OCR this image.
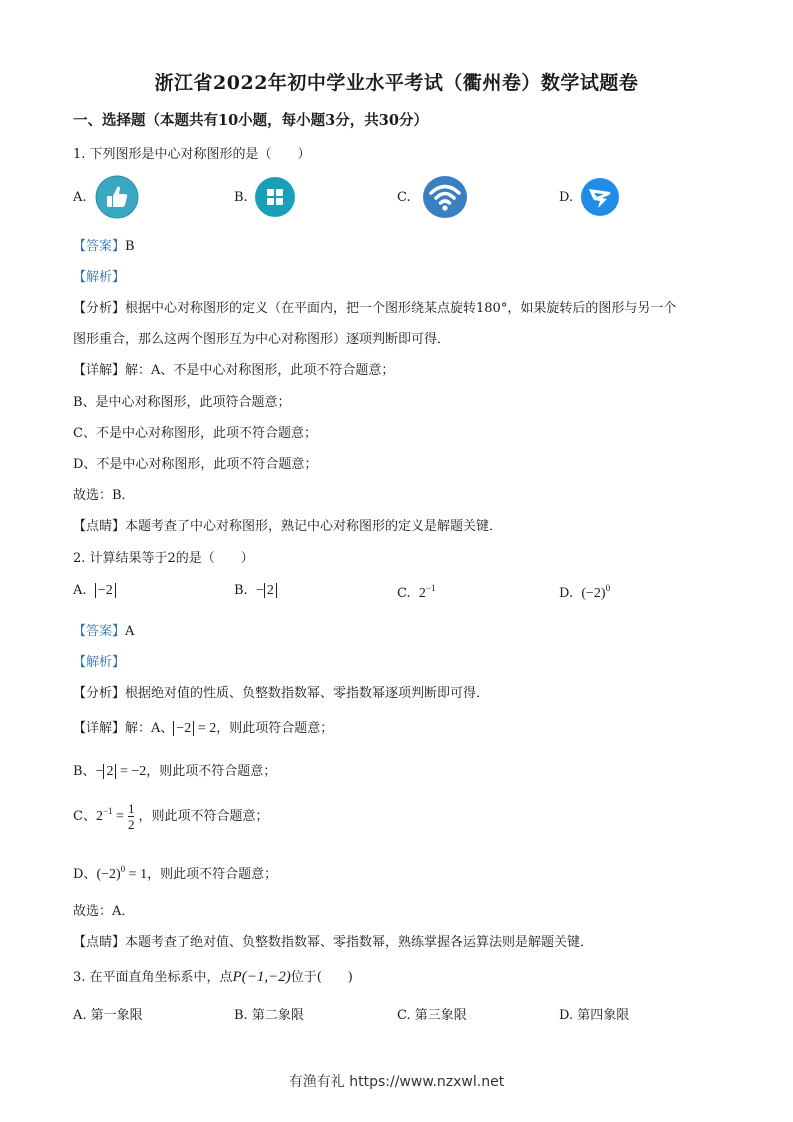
浙江省2022年初中学业水平考试（衢州卷）数学试题卷
一、选择题（本题共有10小题，每小题3分，共30分）
1. 下列图形是中心对称图形的是（　　）
A.	B.	C.	D.
【答案】B
【解析】
【分析】根据中心对称图形的定义（在平面内，把一个图形绕某点旋转180°，如果旋转后的图形与另一个
图形重合，那么这两个图形互为中心对称图形）逐项判断即可得．
【详解】解：A、不是中心对称图形，此项不符合题意；
B、是中心对称图形，此项符合题意；
C、不是中心对称图形，此项不符合题意；
D、不是中心对称图形，此项不符合题意；
故选：B．
【点睛】本题考查了中心对称图形，熟记中心对称图形的定义是解题关键．
2. 计算结果等于2的是（　　）
A. −2	B. − 2	C. $2^{-1}$	D. $(-2)^0$
【答案】A
【解析】
【分析】根据绝对值的性质、负整数指数幂、零指数幂逐项判断即可得．
【详解】解：A、 −2 = 2，则此项符合题意；
B、− 2 = −2，则此项不符合题意；
C、$2^{-1} = \frac{1}{2}$ ，则此项不符合题意；
D、$(-2)^0 = 1$，则此项不符合题意；
故选：A．
【点睛】本题考查了绝对值、负整数指数幂、零指数幂，熟练掌握各运算法则是解题关键．
3. 在平面直角坐标系中，点P(−1,−2)位于(　　)
A. 第一象限	B. 第二象限	C. 第三象限	D. 第四象限
有渔有礼 https://www.nzxwl.net
